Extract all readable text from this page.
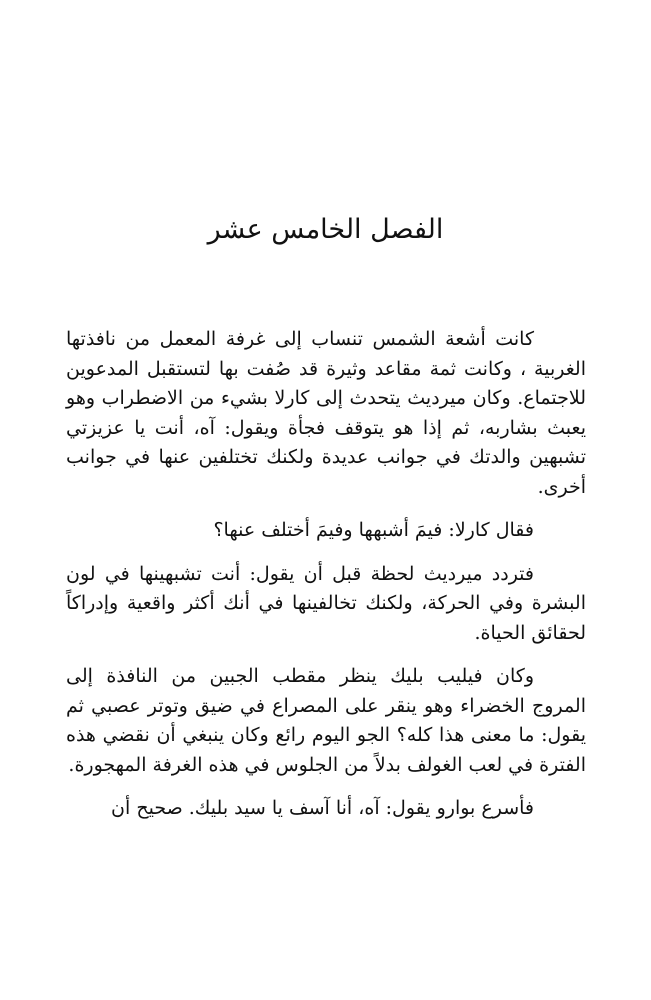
الفصل الخامس عشر

كانت أشعة الشمس تنساب إلى غرفة المعمل من نافذتها الغربية ، وكانت ثمة مقاعد وثيرة قد صُفت بها لتستقبل المدعوين للاجتماع. وكان ميرديث يتحدث إلى كارلا بشيء من الاضطراب وهو يعبث بشاربه، ثم إذا هو يتوقف فجأة ويقول: آه، أنت يا عزيزتي تشبهين والدتك في جوانب عديدة ولكنك تختلفين عنها في جوانب أخرى.

فقال كارلا: فيمَ أشبهها وفيمَ أختلف عنها؟

فتردد ميرديث لحظة قبل أن يقول: أنت تشبهينها في لون البشرة وفي الحركة، ولكنك تخالفينها في أنك أكثر واقعية وإدراكاً لحقائق الحياة.

وكان فيليب بليك ينظر مقطب الجبين من النافذة إلى المروج الخضراء وهو ينقر على المصراع في ضيق وتوتر عصبي ثم يقول: ما معنى هذا كله؟ الجو اليوم رائع وكان ينبغي أن نقضي هذه الفترة في لعب الغولف بدلاً من الجلوس في هذه الغرفة المهجورة.

فأسرع بوارو يقول: آه، أنا آسف يا سيد بليك. صحيح أن
